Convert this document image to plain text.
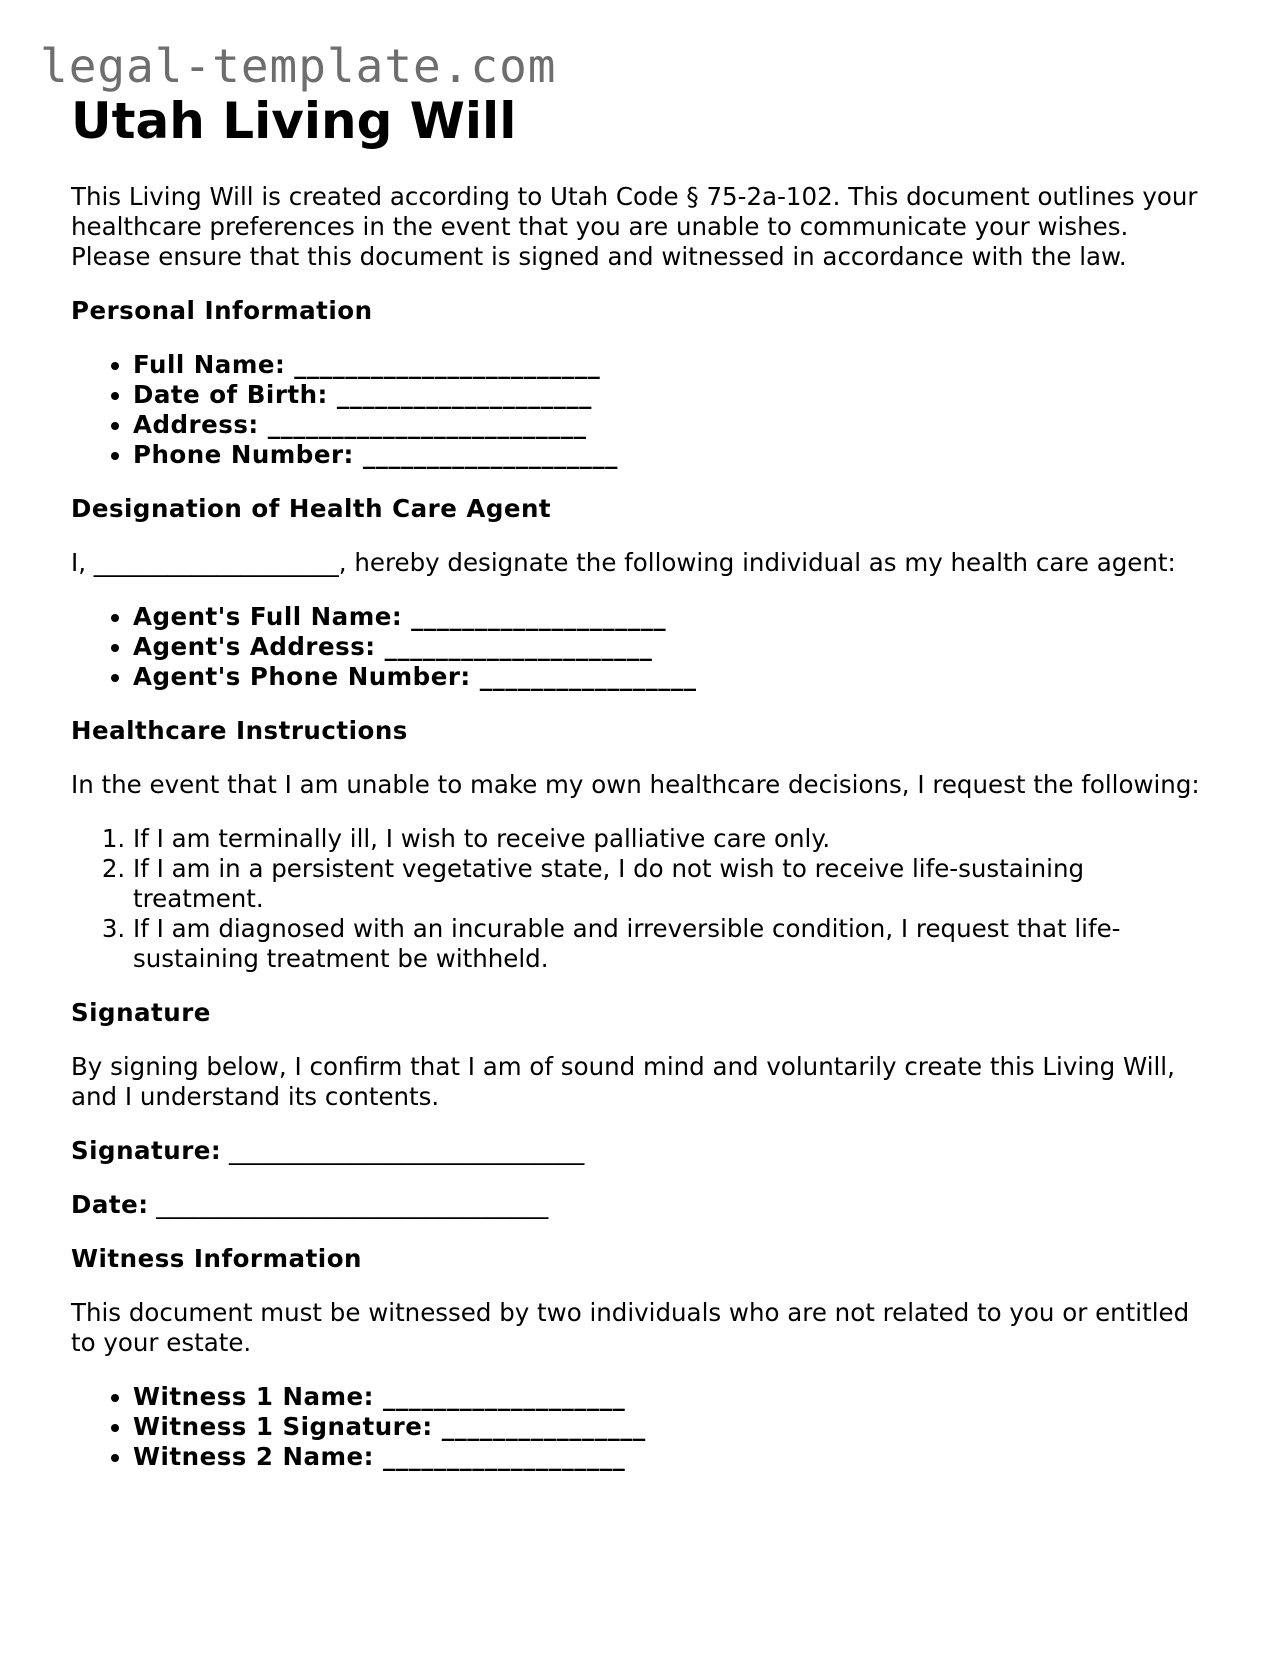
legal-template.com
Utah Living Will

This Living Will is created according to Utah Code § 75-2a-102. This document outlines your healthcare preferences in the event that you are unable to communicate your wishes. Please ensure that this document is signed and witnessed in accordance with the law.

Personal Information
• Full Name: ________________________
• Date of Birth: ____________________
• Address: _________________________
• Phone Number: ____________________
Designation of Health Care Agent

I, ____________________, hereby designate the following individual as my health care agent:

• Agent's Full Name: ____________________
• Agent's Address: _____________________
• Agent's Phone Number: _________________
Healthcare Instructions

In the event that I am unable to make my own healthcare decisions, I request the following:

1. If I am terminally ill, I wish to receive palliative care only.
2. If I am in a persistent vegetative state, I do not wish to receive life-sustaining treatment.
3. If I am diagnosed with an incurable and irreversible condition, I request that life-sustaining treatment be withheld.
Signature

By signing below, I confirm that I am of sound mind and voluntarily create this Living Will, and I understand its contents.

Signature: _____________________________
Date: ________________________________
Witness Information

This document must be witnessed by two individuals who are not related to you or entitled to your estate.

• Witness 1 Name: ___________________
• Witness 1 Signature: ________________
• Witness 2 Name: ___________________
